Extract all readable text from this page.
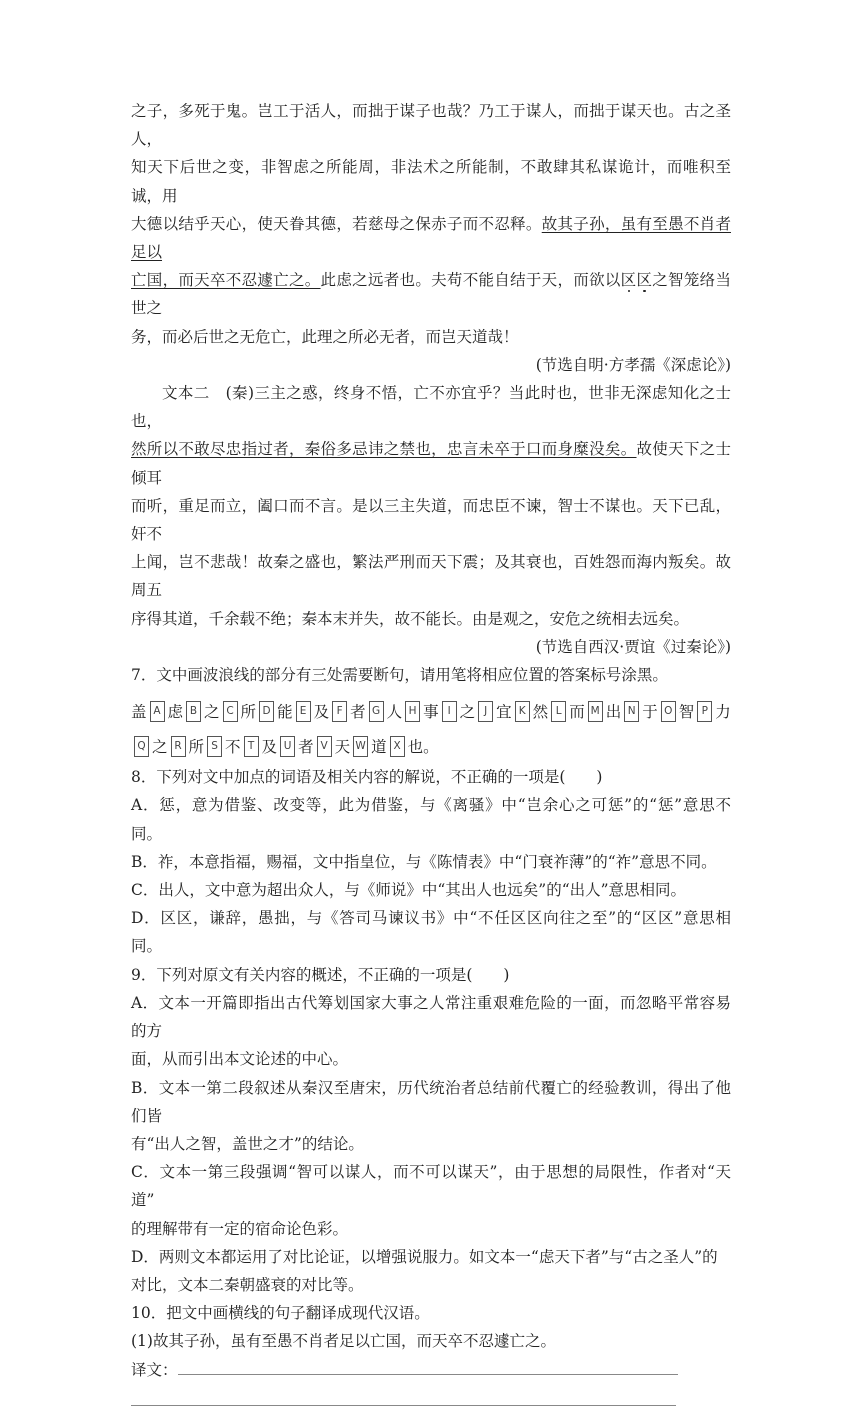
之子，多死于鬼。岂工于活人，而拙于谋子也哉？乃工于谋人，而拙于谋天也。古之圣人，
知天下后世之变，非智虑之所能周，非法术之所能制，不敢肆其私谋诡计，而唯积至诚，用
大德以结乎天心，使天眷其德，若慈母之保赤子而不忍释。故其子孙，虽有至愚不肖者足以
亡国，而天卒不忍遽亡之。此虑之远者也。夫苟不能自结于天，而欲以区区之智笼络当世之
务，而必后世之无危亡，此理之所必无者，而岂天道哉！
(节选自明·方孝孺《深虑论》)
文本二　(秦)三主之惑，终身不悟，亡不亦宜乎？当此时也，世非无深虑知化之士也，
然所以不敢尽忠指过者，秦俗多忌讳之禁也，忠言未卒于口而身糜没矣。故使天下之士倾耳
而听，重足而立，阖口而不言。是以三主失道，而忠臣不谏，智士不谋也。天下已乱，奸不
上闻，岂不悲哉！故秦之盛也，繁法严刑而天下震；及其衰也，百姓怨而海内叛矣。故周五
序得其道，千余载不绝；秦本末并失，故不能长。由是观之，安危之统相去远矣。
(节选自西汉·贾谊《过秦论》)
7．文中画波浪线的部分有三处需要断句，请用笔将相应位置的答案标号涂黑。
盖 A 虑 B 之 C 所 D 能 E 及 F 者 G 人 H 事 I 之 J 宜 K 然 L 而 M 出 N 于 O 智 P 力
Q 之 R 所 S 不 T 及 U 者 V 天 W 道 X 也。
8．下列对文中加点的词语及相关内容的解说，不正确的一项是(　　)
A．惩，意为借鉴、改变等，此为借鉴，与《离骚》中“岂余心之可惩”的“惩”意思不同。
B．祚，本意指福，赐福，文中指皇位，与《陈情表》中“门衰祚薄”的“祚”意思不同。
C．出人，文中意为超出众人，与《师说》中“其出人也远矣”的“出人”意思相同。
D．区区，谦辞，愚拙，与《答司马谏议书》中“不任区区向往之至”的“区区”意思相同。
9．下列对原文有关内容的概述，不正确的一项是(　　)
A．文本一开篇即指出古代筹划国家大事之人常注重艰难危险的一面，而忽略平常容易的方
面，从而引出本文论述的中心。
B．文本一第二段叙述从秦汉至唐宋，历代统治者总结前代覆亡的经验教训，得出了他们皆
有“出人之智，盖世之才”的结论。
C．文本一第三段强调“智可以谋人，而不可以谋天”，由于思想的局限性，作者对“天道”
的理解带有一定的宿命论色彩。
D．两则文本都运用了对比论证，以增强说服力。如文本一“虑天下者”与“古之圣人”的
对比，文本二秦朝盛衰的对比等。
10．把文中画横线的句子翻译成现代汉语。
(1)故其子孙，虽有至愚不肖者足以亡国，而天卒不忍遽亡之。
译文：
